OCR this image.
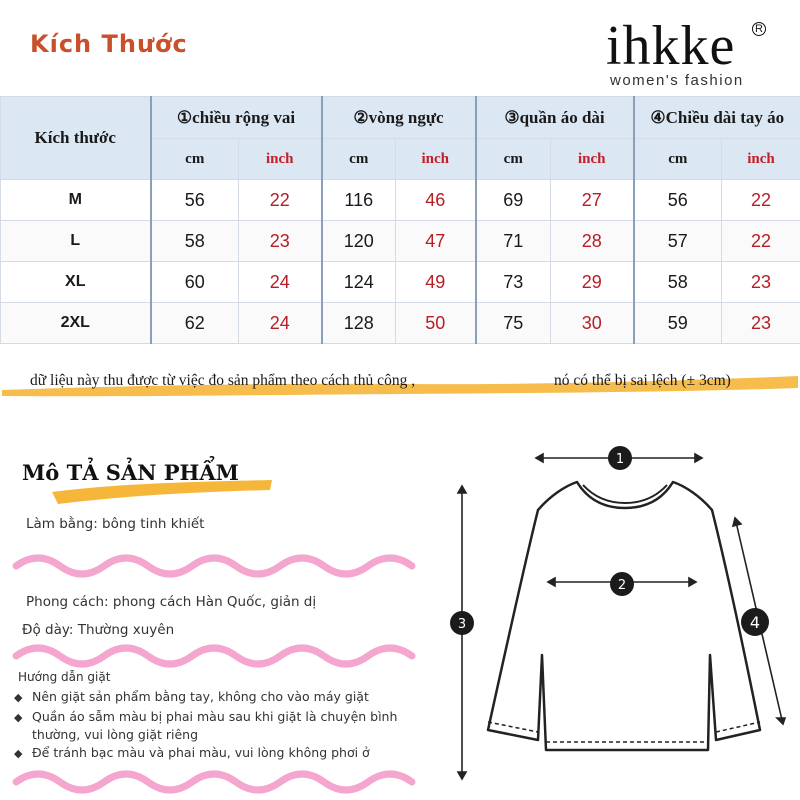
Kích Thước	ihkke R
women's fashion
Kích thước	①chiều rộng vai		②vòng ngực		③quần áo dài		④Chiều dài tay áo	
	cm	inch	cm	inch	cm	inch	cm	inch
M	56	22	116	46	69	27	56	22
L	58	23	120	47	71	28	57	22
XL	60	24	124	49	73	29	58	23
2XL	62	24	128	50	75	30	59	23
dữ liệu này thu được từ việc đo sản phẩm theo cách thủ công ,	nó có thể bị sai lệch (± 3cm)
Mô TẢ SẢN PHẨM
Làm bằng: bông tinh khiết
Phong cách: phong cách Hàn Quốc, giản dị
Độ dày: Thường xuyên
Hướng dẫn giặt
◆ Nên giặt sản phẩm bằng tay, không cho vào máy giặt
◆ Quần áo sẫm màu bị phai màu sau khi giặt là chuyện bình
thường, vui lòng giặt riêng
◆ Để tránh bạc màu và phai màu, vui lòng không phơi ở
1
2
3	4
